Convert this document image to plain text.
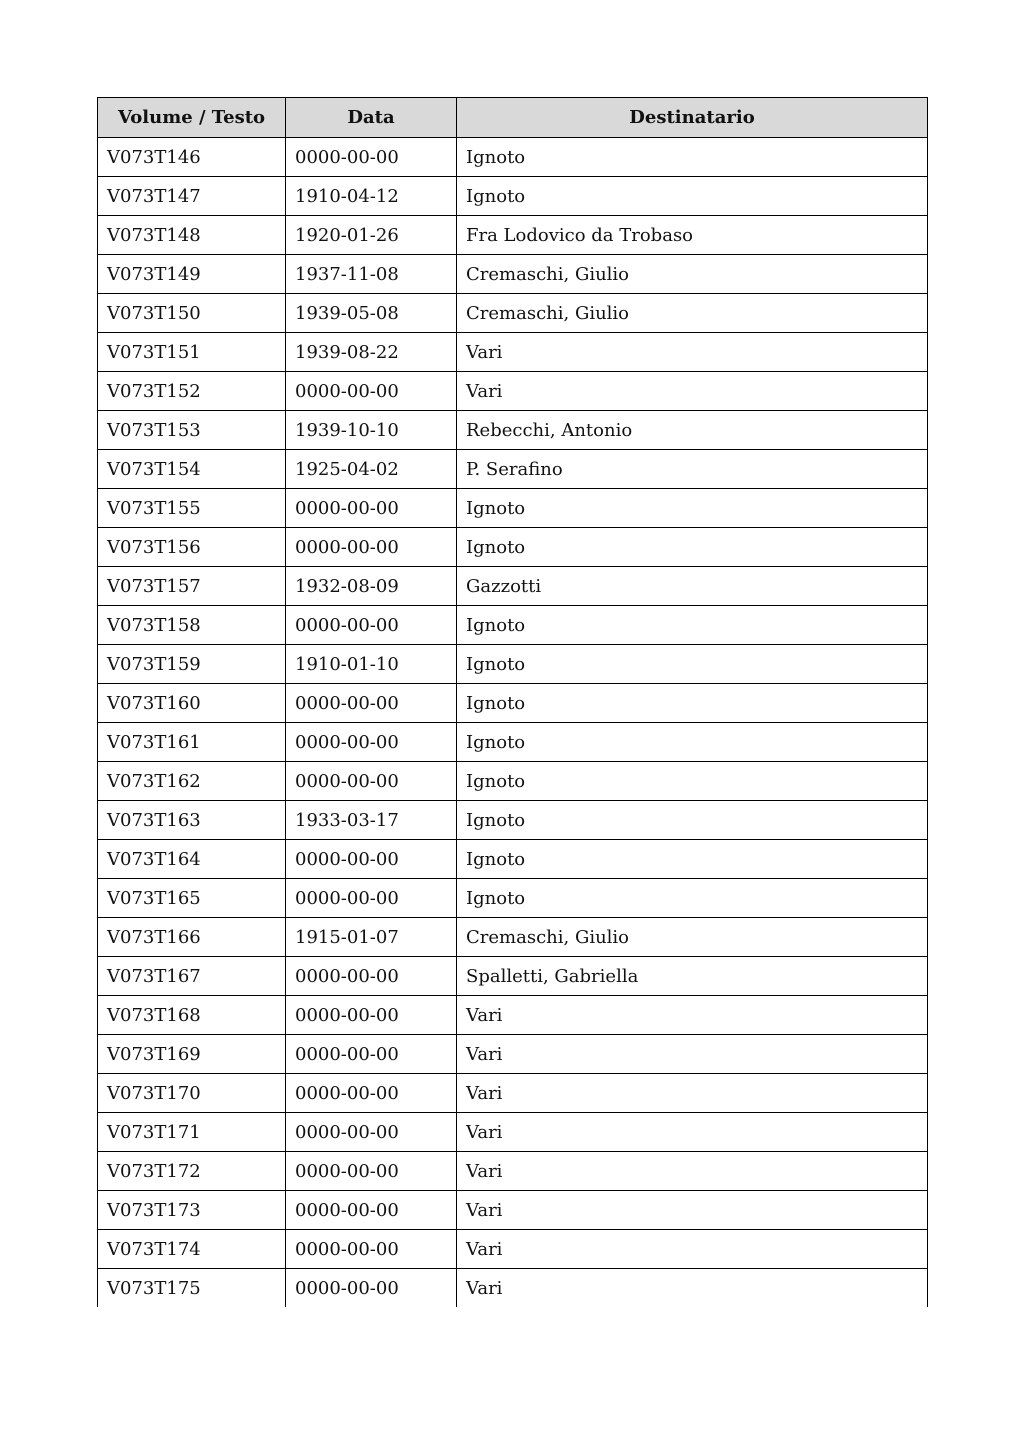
Volume / Testo	Data	Destinatario
V073T146	0000-00-00	Ignoto
V073T147	1910-04-12	Ignoto
V073T148	1920-01-26	Fra Lodovico da Trobaso
V073T149	1937-11-08	Cremaschi, Giulio
V073T150	1939-05-08	Cremaschi, Giulio
V073T151	1939-08-22	Vari
V073T152	0000-00-00	Vari
V073T153	1939-10-10	Rebecchi, Antonio
V073T154	1925-04-02	P. Serafino
V073T155	0000-00-00	Ignoto
V073T156	0000-00-00	Ignoto
V073T157	1932-08-09	Gazzotti
V073T158	0000-00-00	Ignoto
V073T159	1910-01-10	Ignoto
V073T160	0000-00-00	Ignoto
V073T161	0000-00-00	Ignoto
V073T162	0000-00-00	Ignoto
V073T163	1933-03-17	Ignoto
V073T164	0000-00-00	Ignoto
V073T165	0000-00-00	Ignoto
V073T166	1915-01-07	Cremaschi, Giulio
V073T167	0000-00-00	Spalletti, Gabriella
V073T168	0000-00-00	Vari
V073T169	0000-00-00	Vari
V073T170	0000-00-00	Vari
V073T171	0000-00-00	Vari
V073T172	0000-00-00	Vari
V073T173	0000-00-00	Vari
V073T174	0000-00-00	Vari
V073T175	0000-00-00	Vari
